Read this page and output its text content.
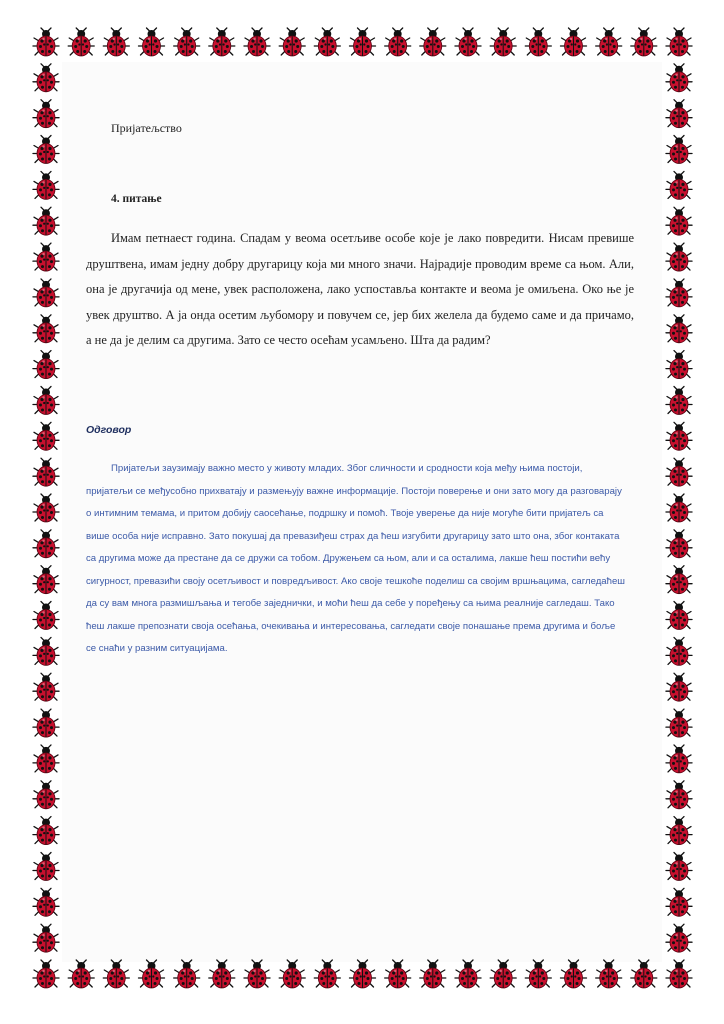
Пријатељство
4. питање

Имам петнаест година. Спадам у веома осетљиве особе које је лако повредити. Нисам превише друштвена, имам једну добру другарицу која ми много значи. Најрадије проводим време са њом. Али, она је другачија од мене, увек расположена, лако успоставља контакте и веома је омиљена. Око ње је увек друштво. А ја онда осетим љубомору и повучем се, јер бих желела да будемо саме и да причамо, а не да је делим са другима. Зато се често осећам усамљено. Шта да радим?

Одговор

Пријатељи заузимају важно место у животу младих. Због сличности и сродности која међу њима постоји, пријатељи се међусобно прихватају и размењују важне информације. Постоји поверење и они зато могу да разговарају о интимним темама, и притом добију саосећање, подршку и помоћ. Твоје уверење да није могуће бити пријатељ са више особа није исправно. Зато покушај да превазиђеш страх да ћеш изгубити другарицу зато што она, због контаката са другима може да престане да се дружи са тобом. Дружењем са њом, али и са осталима, лакше ћеш постићи већу сигурност, превазићи своју осетљивост и повредљивост. Ако своје тешкоће поделиш са својим вршњацима, сагледаћеш да су вам многа размишљања и тегобе заједнички, и моћи ћеш да себе у поређењу са њима реалније сагледаш. Тако ћеш лакше препознати своја осећања, очекивања и интересовања, сагледати своје понашање према другима и боље се снаћи у разним ситуацијама.
